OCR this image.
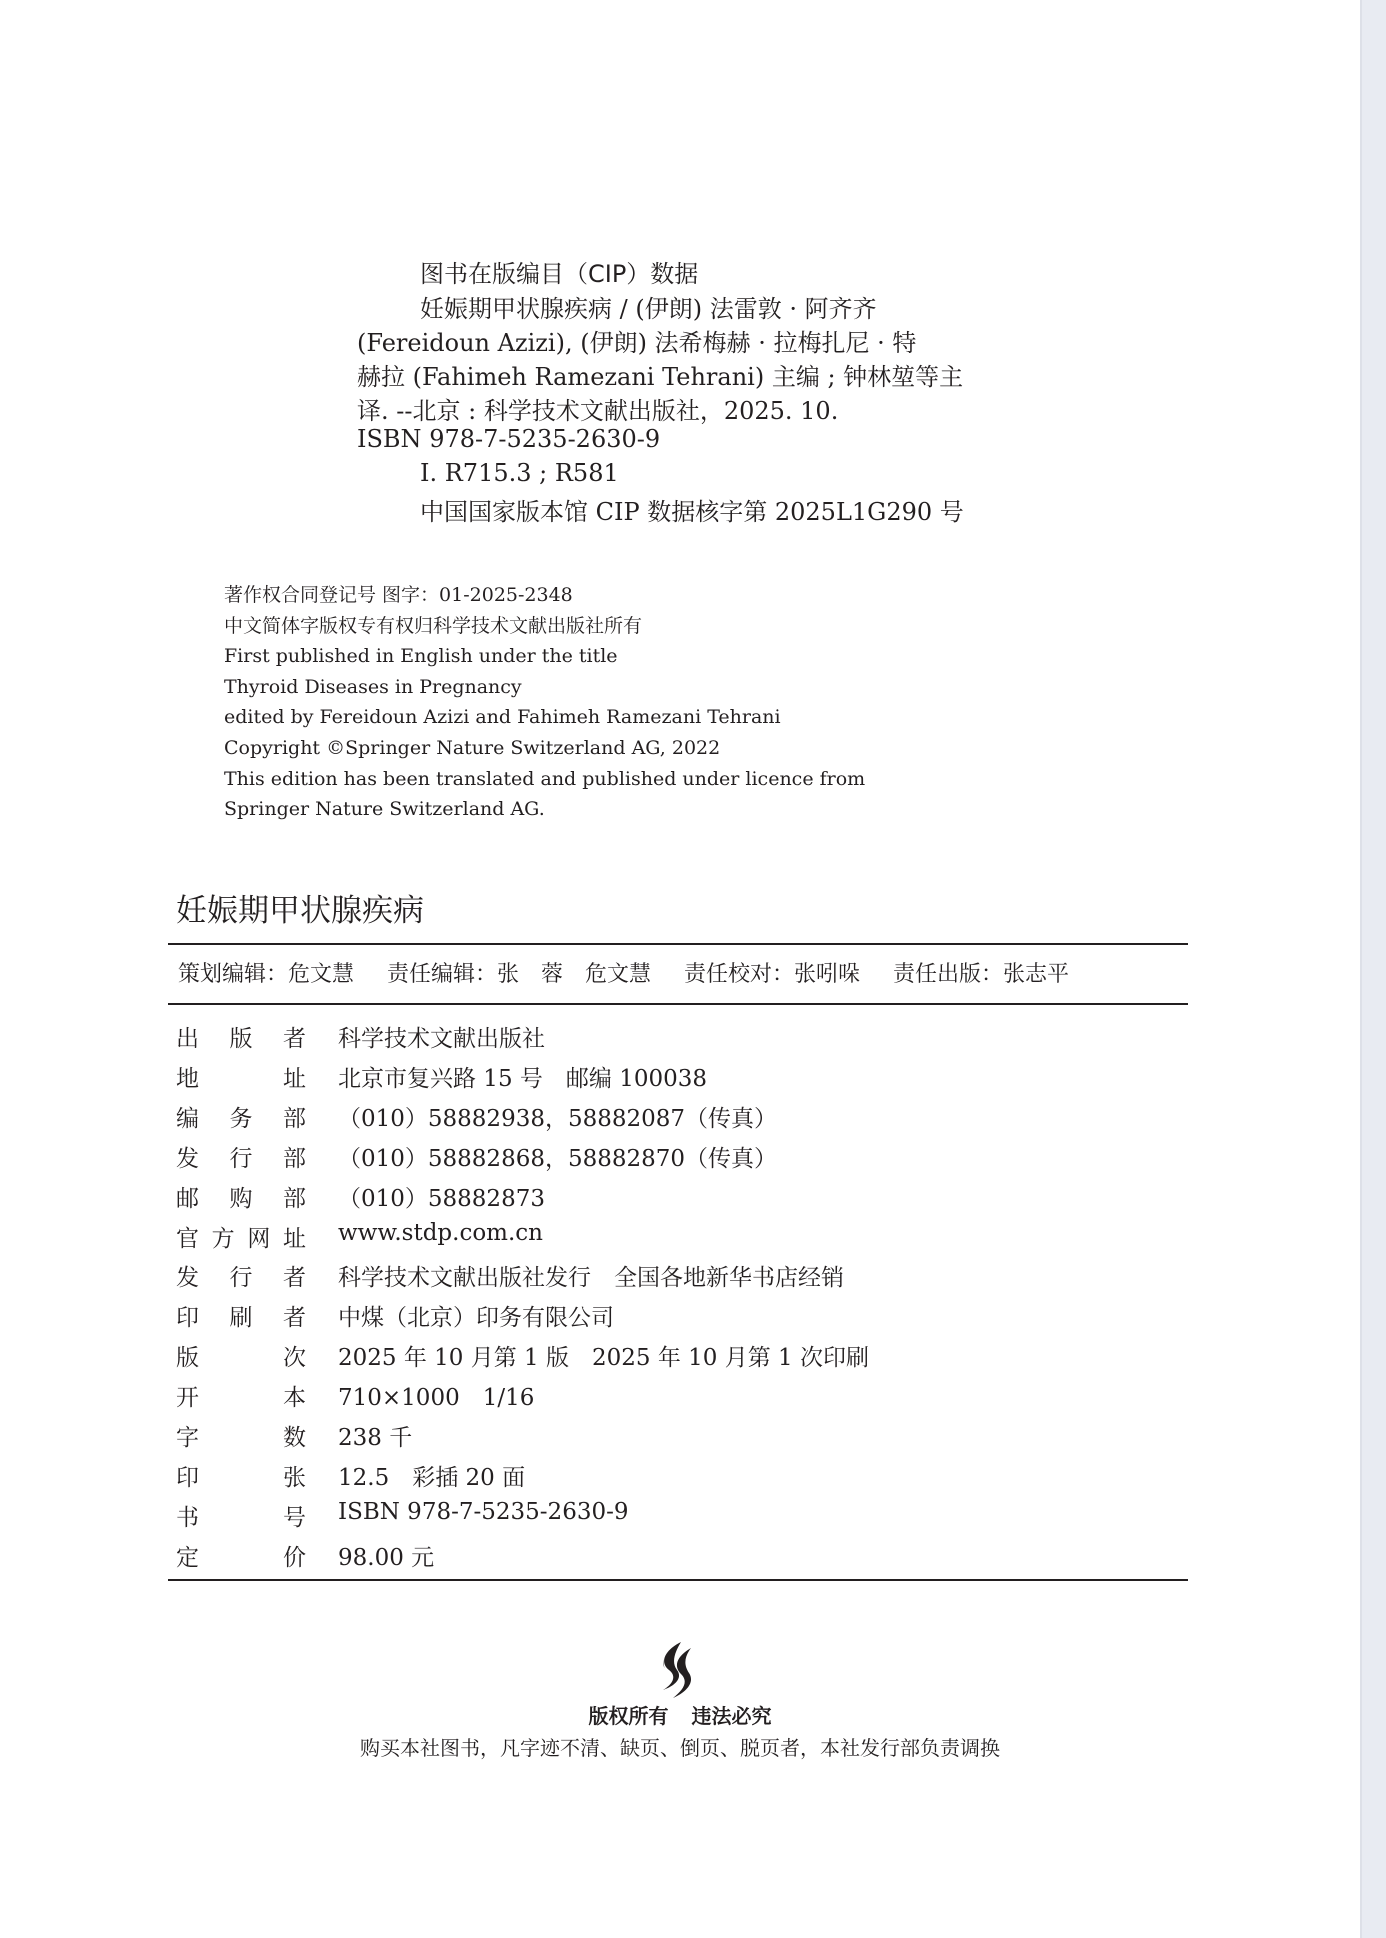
图书在版编目（CIP）数据
妊娠期甲状腺疾病 / (伊朗) 法雷敦 · 阿齐齐
(Fereidoun Azizi), (伊朗) 法希梅赫 · 拉梅扎尼 · 特
赫拉 (Fahimeh Ramezani Tehrani) 主编 ; 钟林堃等主
译. --北京 : 科学技术文献出版社，2025. 10.
ISBN 978-7-5235-2630-9
Ⅰ. R715.3 ; R581
中国国家版本馆 CIP 数据核字第 2025L1G290 号
著作权合同登记号 图字：01-2025-2348
中文简体字版权专有权归科学技术文献出版社所有
First published in English under the title
Thyroid Diseases in Pregnancy
edited by Fereidoun Azizi and Fahimeh Ramezani Tehrani
Copyright ©Springer Nature Switzerland AG, 2022
This edition has been translated and published under licence from
Springer Nature Switzerland AG.
妊娠期甲状腺疾病
策划编辑：危文慧 责任编辑：张　蓉　危文慧 责任校对：张吲哚 责任出版：张志平
出 版 者 科学技术文献出版社
地	址 北京市复兴路 15 号　邮编 100038
编 务 部 （010）58882938，58882087（传真）
发 行 部 （010）58882868，58882870（传真）
邮 购 部 （010）58882873
官 方 网 址 www.stdp.com.cn
发 行 者 科学技术文献出版社发行　全国各地新华书店经销
印 刷 者 中煤（北京）印务有限公司
版	次 2025 年 10 月第 1 版　2025 年 10 月第 1 次印刷
开	本 710×1000　1/16
字	数 238 千
印	张 12.5　彩插 20 面
书	号 ISBN 978-7-5235-2630-9
定	价 98.00 元
版权所有 违法必究
购买本社图书，凡字迹不清、缺页、倒页、脱页者，本社发行部负责调换
